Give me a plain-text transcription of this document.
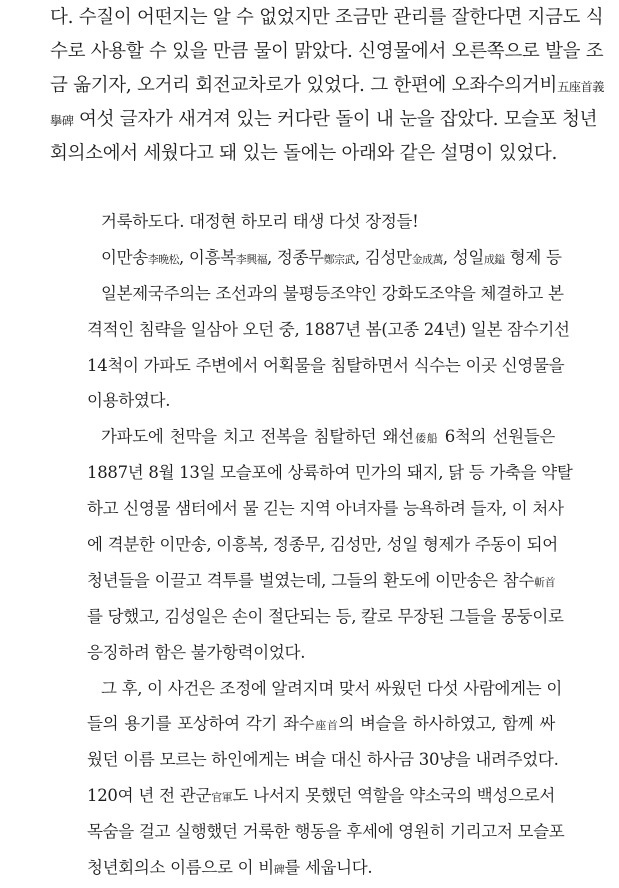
다. 수질이 어떤지는 알 수 없었지만 조금만 관리를 잘한다면 지금도 식
수로 사용할 수 있을 만큼 물이 맑았다. 신영물에서 오른쪽으로 발을 조
금 옮기자, 오거리 회전교차로가 있었다. 그 한편에 오좌수의거비五座首義
擧碑 여섯 글자가 새겨져 있는 커다란 돌이 내 눈을 잡았다. 모슬포 청년
회의소에서 세웠다고 돼 있는 돌에는 아래와 같은 설명이 있었다.
거룩하도다. 대정현 하모리 태생 다섯 장정들!
이만송李晩松, 이흥복李興福, 정종무鄭宗武, 김성만金成萬, 성일成鎰 형제 등
일본제국주의는 조선과의 불평등조약인 강화도조약을 체결하고 본
격적인 침략을 일삼아 오던 중, 1887년 봄(고종 24년) 일본 잠수기선
14척이 가파도 주변에서 어획물을 침탈하면서 식수는 이곳 신영물을
이용하였다.
가파도에 천막을 치고 전복을 침탈하던 왜선倭船 6척의 선원들은
1887년 8월 13일 모슬포에 상륙하여 민가의 돼지, 닭 등 가축을 약탈
하고 신영물 샘터에서 물 긷는 지역 아녀자를 능욕하려 들자, 이 처사
에 격분한 이만송, 이흥복, 정종무, 김성만, 성일 형제가 주동이 되어
청년들을 이끌고 격투를 벌였는데, 그들의 환도에 이만송은 참수斬首
를 당했고, 김성일은 손이 절단되는 등, 칼로 무장된 그들을 몽둥이로
응징하려 함은 불가항력이었다.
그 후, 이 사건은 조정에 알려지며 맞서 싸웠던 다섯 사람에게는 이
들의 용기를 포상하여 각기 좌수座首의 벼슬을 하사하였고, 함께 싸
웠던 이름 모르는 하인에게는 벼슬 대신 하사금 30냥을 내려주었다.
120여 년 전 관군官軍도 나서지 못했던 역할을 약소국의 백성으로서
목숨을 걸고 실행했던 거룩한 행동을 후세에 영원히 기리고저 모슬포
청년회의소 이름으로 이 비碑를 세웁니다.
